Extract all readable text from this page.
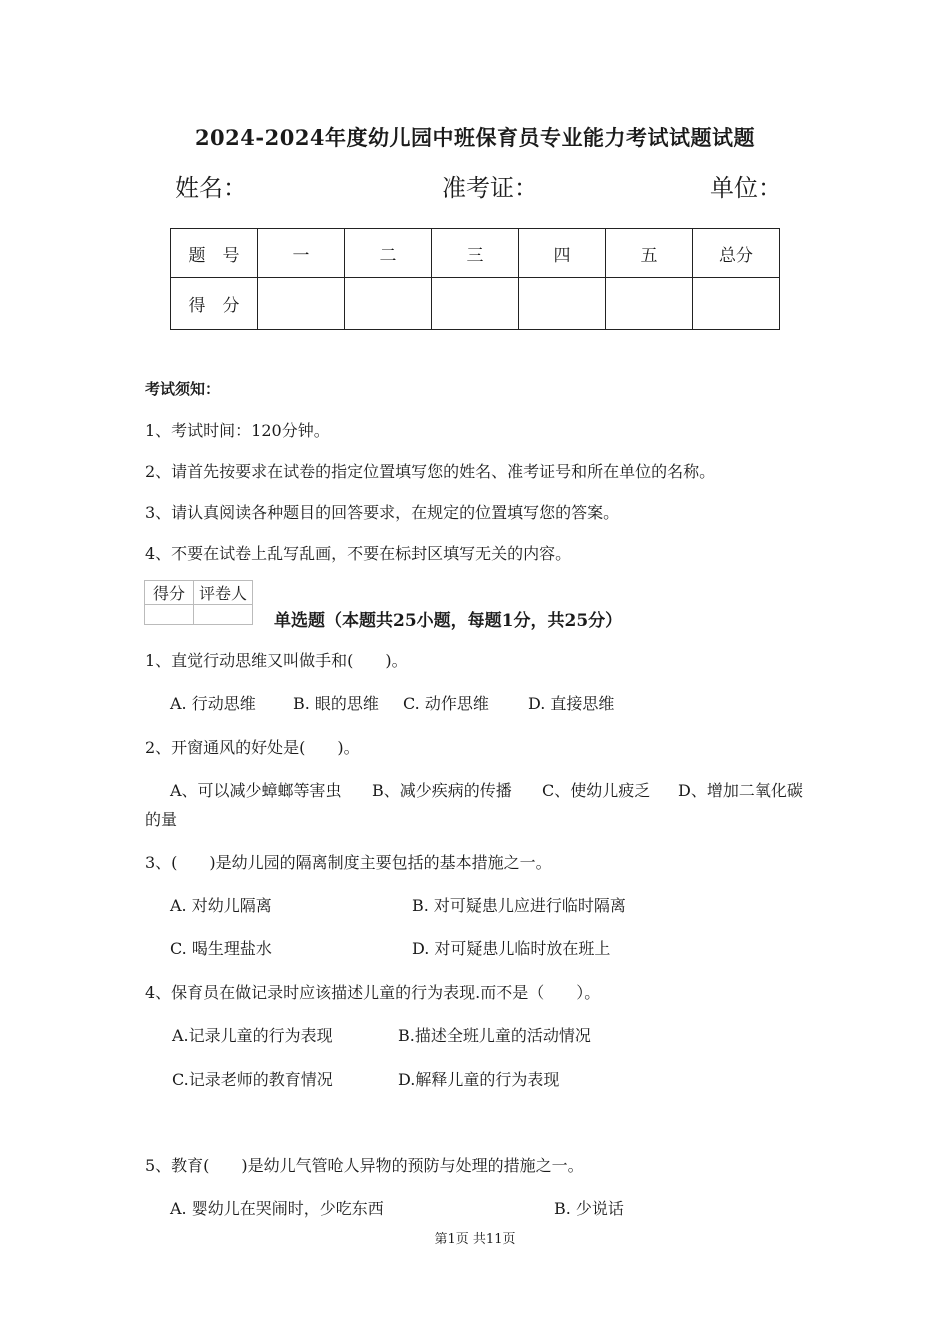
2024-2024年度幼儿园中班保育员专业能力考试试题试题
姓名：	准考证：	单位：
题　号	一	二	三	四	五	总分
得　分						
考试须知：
1、考试时间：120分钟。
2、请首先按要求在试卷的指定位置填写您的姓名、准考证号和所在单位的名称。
3、请认真阅读各种题目的回答要求，在规定的位置填写您的答案。
4、不要在试卷上乱写乱画，不要在标封区填写无关的内容。
得分	评卷人

单选题（本题共25小题，每题1分，共25分）
1、直觉行动思维又叫做手和(　　)。
A. 行动思维 B. 眼的思维 C. 动作思维 D. 直接思维
2、开窗通风的好处是(　　)。
A、可以减少蟑螂等害虫 B、减少疾病的传播 C、使幼儿疲乏 D、增加二氧化碳
的量
3、(　　)是幼儿园的隔离制度主要包括的基本措施之一。
A. 对幼儿隔离	B. 对可疑患儿应进行临时隔离
C. 喝生理盐水	D. 对可疑患儿临时放在班上
4、保育员在做记录时应该描述儿童的行为表现.而不是（　　）。
A.记录儿童的行为表现	B.描述全班儿童的活动情况
C.记录老师的教育情况	D.解释儿童的行为表现
5、教育(　　)是幼儿气管呛人异物的预防与处理的措施之一。
A. 婴幼儿在哭闹时，少吃东西	B. 少说话
第1页 共11页
